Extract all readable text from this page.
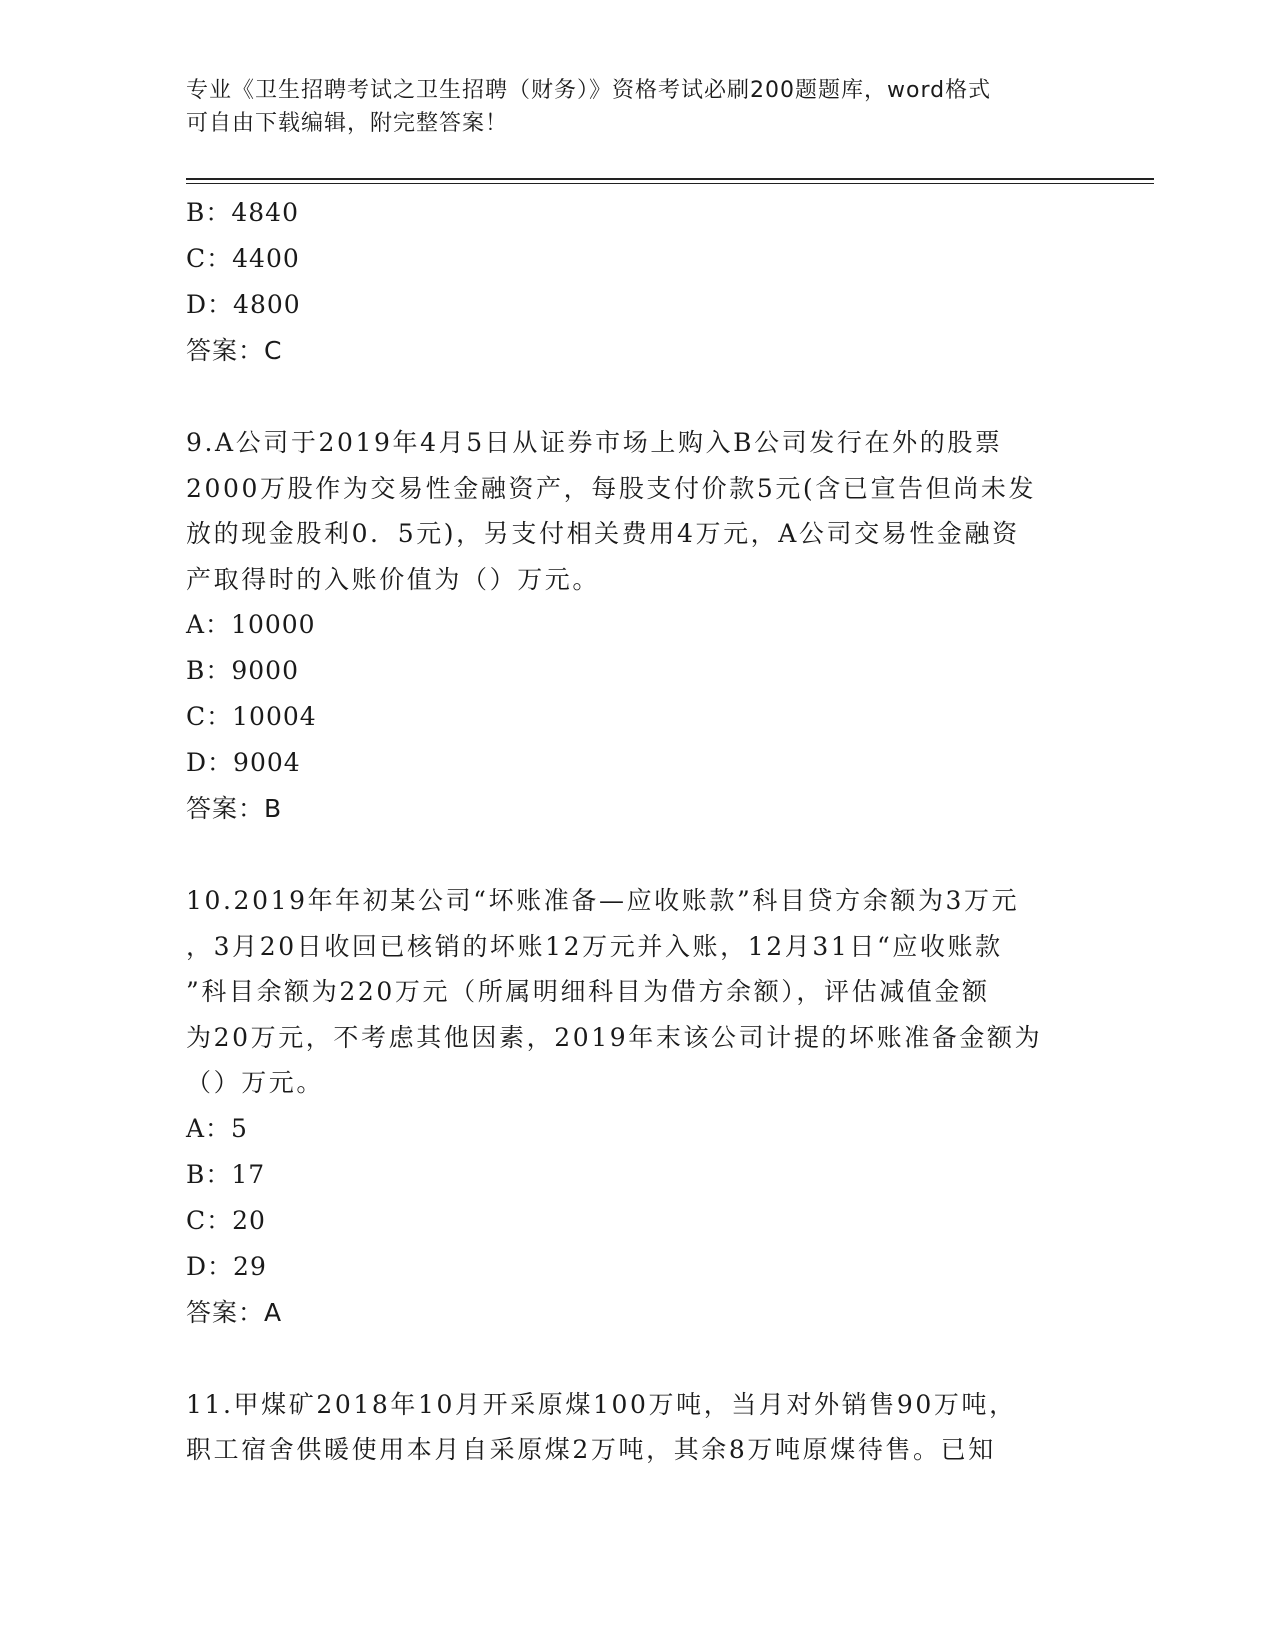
专业《卫生招聘考试之卫生招聘（财务）》资格考试必刷200题题库，word格式
可自由下载编辑，附完整答案！
B：4840
C：4400
D：4800
答案：C
9.A公司于2019年4月5日从证券市场上购入B公司发行在外的股票
2000万股作为交易性金融资产，每股支付价款5元(含已宣告但尚未发
放的现金股利0．5元)，另支付相关费用4万元，A公司交易性金融资
产取得时的入账价值为（）万元。
A：10000
B：9000
C：10004
D：9004
答案：B
10.2019年年初某公司“坏账准备—应收账款”科目贷方余额为3万元
，3月20日收回已核销的坏账12万元并入账，12月31日“应收账款
”科目余额为220万元（所属明细科目为借方余额），评估减值金额
为20万元，不考虑其他因素，2019年末该公司计提的坏账准备金额为
（）万元。
A：5
B：17
C：20
D：29
答案：A
11.甲煤矿2018年10月开采原煤100万吨，当月对外销售90万吨，
职工宿舍供暖使用本月自采原煤2万吨，其余8万吨原煤待售。已知
